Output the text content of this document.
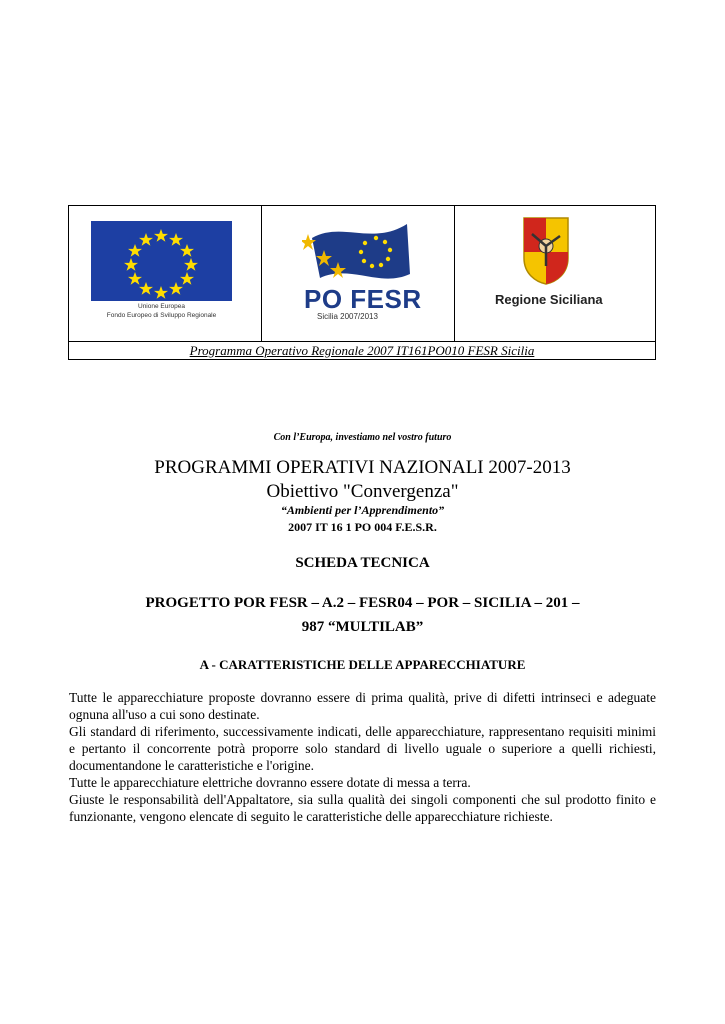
Unione Europea
Fondo Europeo di Sviluppo Regionale
PO FESR
Sicilia 2007/2013
Regione Siciliana
Programma Operativo Regionale 2007 IT161PO010 FESR Sicilia
Con l’Europa, investiamo nel vostro futuro
PROGRAMMI OPERATIVI NAZIONALI 2007-2013
Obiettivo "Convergenza"
“Ambienti per l’Apprendimento”
2007 IT 16 1 PO 004 F.E.S.R.
SCHEDA TECNICA
PROGETTO POR FESR – A.2 – FESR04 – POR – SICILIA – 201 –
987 “MULTILAB”
A - CARATTERISTICHE DELLE APPARECCHIATURE

Tutte le apparecchiature proposte dovranno essere di prima qualità, prive di difetti intrinseci e adeguate ognuna all'uso a cui sono destinate.

Gli standard di riferimento, successivamente indicati, delle apparecchiature, rappresentano requisiti minimi e pertanto il concorrente potrà proporre solo standard di livello uguale o superiore a quelli richiesti, documentandone le caratteristiche e l'origine.

Tutte le apparecchiature elettriche dovranno essere dotate di messa a terra.

Giuste le responsabilità dell'Appaltatore, sia sulla qualità dei singoli componenti che sul prodotto finito e funzionante, vengono elencate di seguito le caratteristiche delle apparecchiature richieste.
